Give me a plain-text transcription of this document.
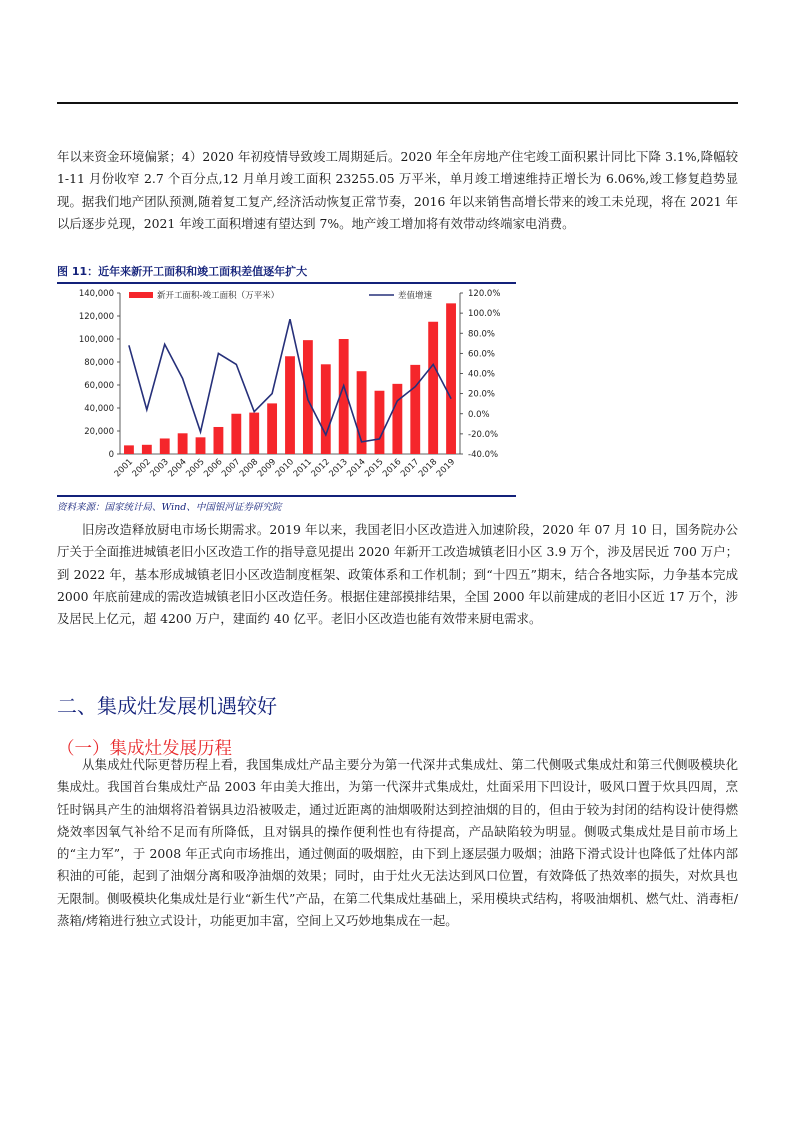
年以来资金环境偏紧；4）2020 年初疫情导致竣工周期延后。2020 年全年房地产住宅竣工面积累计同比下降 3.1%,降幅较 1-11 月份收窄 2.7 个百分点,12 月单月竣工面积 23255.05 万平米，单月竣工增速维持正增长为 6.06%,竣工修复趋势显现。据我们地产团队预测,随着复工复产,经济活动恢复正常节奏，2016 年以来销售高增长带来的竣工未兑现，将在 2021 年以后逐步兑现，2021 年竣工面积增速有望达到 7%。地产竣工增加将有效带动终端家电消费。

图 11：近年来新开工面积和竣工面积差值逐年扩大
140,000
120,000
100,000
80,000
60,000
40,000
20,000
0
120.0%
100.0%
80.0%
60.0%
40.0%
20.0%
0.0%
-20.0%
-40.0%
2001
2002
2003
2004
2005
2006
2007
2008
2009
2010
2011
2012
2013
2014
2015
2016
2017
2018
2019
新开工面积-竣工面积（万平米）	差值增速
资料来源：国家统计局、Wind、中国银河证券研究院

旧房改造释放厨电市场长期需求。2019 年以来，我国老旧小区改造进入加速阶段，2020 年 07 月 10 日，国务院办公厅关于全面推进城镇老旧小区改造工作的指导意见提出 2020 年新开工改造城镇老旧小区 3.9 万个，涉及居民近 700 万户；到 2022 年，基本形成城镇老旧小区改造制度框架、政策体系和工作机制；到“十四五”期末，结合各地实际，力争基本完成 2000 年底前建成的需改造城镇老旧小区改造任务。根据住建部摸排结果，全国 2000 年以前建成的老旧小区近 17 万个，涉及居民上亿元，超 4200 万户，建面约 40 亿平。老旧小区改造也能有效带来厨电需求。

二、集成灶发展机遇较好
（一）集成灶发展历程

从集成灶代际更替历程上看，我国集成灶产品主要分为第一代深井式集成灶、第二代侧吸式集成灶和第三代侧吸模块化集成灶。我国首台集成灶产品 2003 年由美大推出，为第一代深井式集成灶，灶面采用下凹设计，吸风口置于炊具四周，烹饪时锅具产生的油烟将沿着锅具边沿被吸走，通过近距离的油烟吸附达到控油烟的目的，但由于较为封闭的结构设计使得燃烧效率因氧气补给不足而有所降低，且对锅具的操作便利性也有待提高，产品缺陷较为明显。侧吸式集成灶是目前市场上的“主力军”，于 2008 年正式向市场推出，通过侧面的吸烟腔，由下到上逐层强力吸烟；油路下滑式设计也降低了灶体内部积油的可能，起到了油烟分离和吸净油烟的效果；同时，由于灶火无法达到风口位置，有效降低了热效率的损失，对炊具也无限制。侧吸模块化集成灶是行业“新生代”产品，在第二代集成灶基础上，采用模块式结构，将吸油烟机、燃气灶、消毒柜/蒸箱/烤箱进行独立式设计，功能更加丰富，空间上又巧妙地集成在一起。
